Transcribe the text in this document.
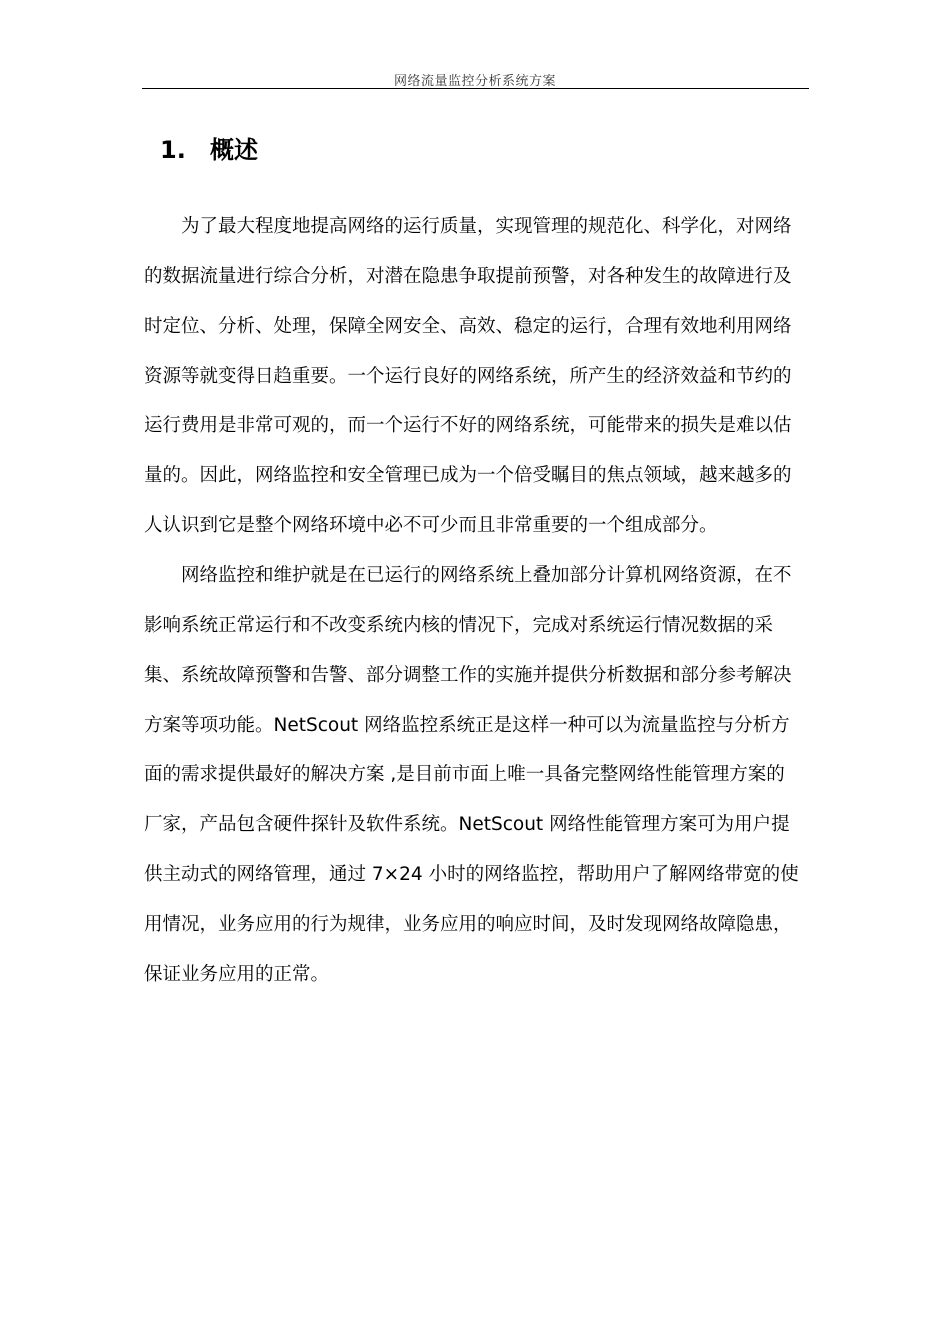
网络流量监控分析系统方案
1. 概述
为了最大程度地提高网络的运行质量，实现管理的规范化、科学化，对网络
的数据流量进行综合分析，对潜在隐患争取提前预警，对各种发生的故障进行及
时定位、分析、处理，保障全网安全、高效、稳定的运行，合理有效地利用网络
资源等就变得日趋重要。一个运行良好的网络系统，所产生的经济效益和节约的
运行费用是非常可观的，而一个运行不好的网络系统，可能带来的损失是难以估
量的。因此，网络监控和安全管理已成为一个倍受瞩目的焦点领域，越来越多的
人认识到它是整个网络环境中必不可少而且非常重要的一个组成部分。
网络监控和维护就是在已运行的网络系统上叠加部分计算机网络资源，在不
影响系统正常运行和不改变系统内核的情况下，完成对系统运行情况数据的采
集、系统故障预警和告警、部分调整工作的实施并提供分析数据和部分参考解决
方案等项功能。NetScout 网络监控系统正是这样一种可以为流量监控与分析方
面的需求提供最好的解决方案 ,是目前市面上唯一具备完整网络性能管理方案的
厂家，产品包含硬件探针及软件系统。NetScout 网络性能管理方案可为用户提
供主动式的网络管理，通过 7×24 小时的网络监控，帮助用户了解网络带宽的使
用情况，业务应用的行为规律，业务应用的响应时间，及时发现网络故障隐患，
保证业务应用的正常。
